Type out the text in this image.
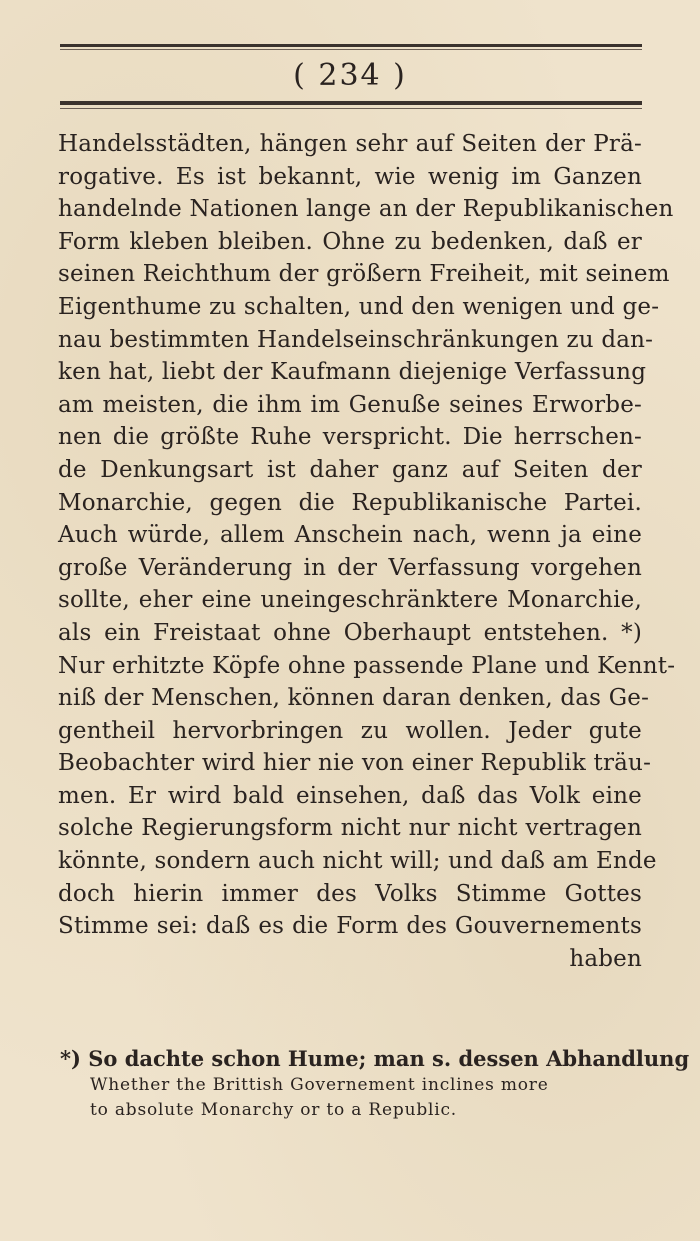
( 234 )
Handelsstädten, hängen sehr auf Seiten der Prä-
rogative. Es ist bekannt, wie wenig im Ganzen
handelnde Nationen lange an der Republikanischen
Form kleben bleiben. Ohne zu bedenken, daß er
seinen Reichthum der größern Freiheit, mit seinem
Eigenthume zu schalten, und den wenigen und ge-
nau bestimmten Handelseinschränkungen zu dan-
ken hat, liebt der Kaufmann diejenige Verfassung
am meisten, die ihm im Genuße seines Erworbe-
nen die größte Ruhe verspricht. Die herrschen-
de Denkungsart ist daher ganz auf Seiten der
Monarchie, gegen die Republikanische Partei.
Auch würde, allem Anschein nach, wenn ja eine
große Veränderung in der Verfassung vorgehen
sollte, eher eine uneingeschränktere Monarchie,
als ein Freistaat ohne Oberhaupt entstehen. *)
Nur erhitzte Köpfe ohne passende Plane und Kennt-
niß der Menschen, können daran denken, das Ge-
gentheil hervorbringen zu wollen. Jeder gute
Beobachter wird hier nie von einer Republik träu-
men. Er wird bald einsehen, daß das Volk eine
solche Regierungsform nicht nur nicht vertragen
könnte, sondern auch nicht will; und daß am Ende
doch hierin immer des Volks Stimme Gottes
Stimme sei: daß es die Form des Gouvernements
haben
*) So dachte schon Hume; man s. dessen Abhandlung
Whether the Brittish Governement inclines more
to absolute Monarchy or to a Republic.
